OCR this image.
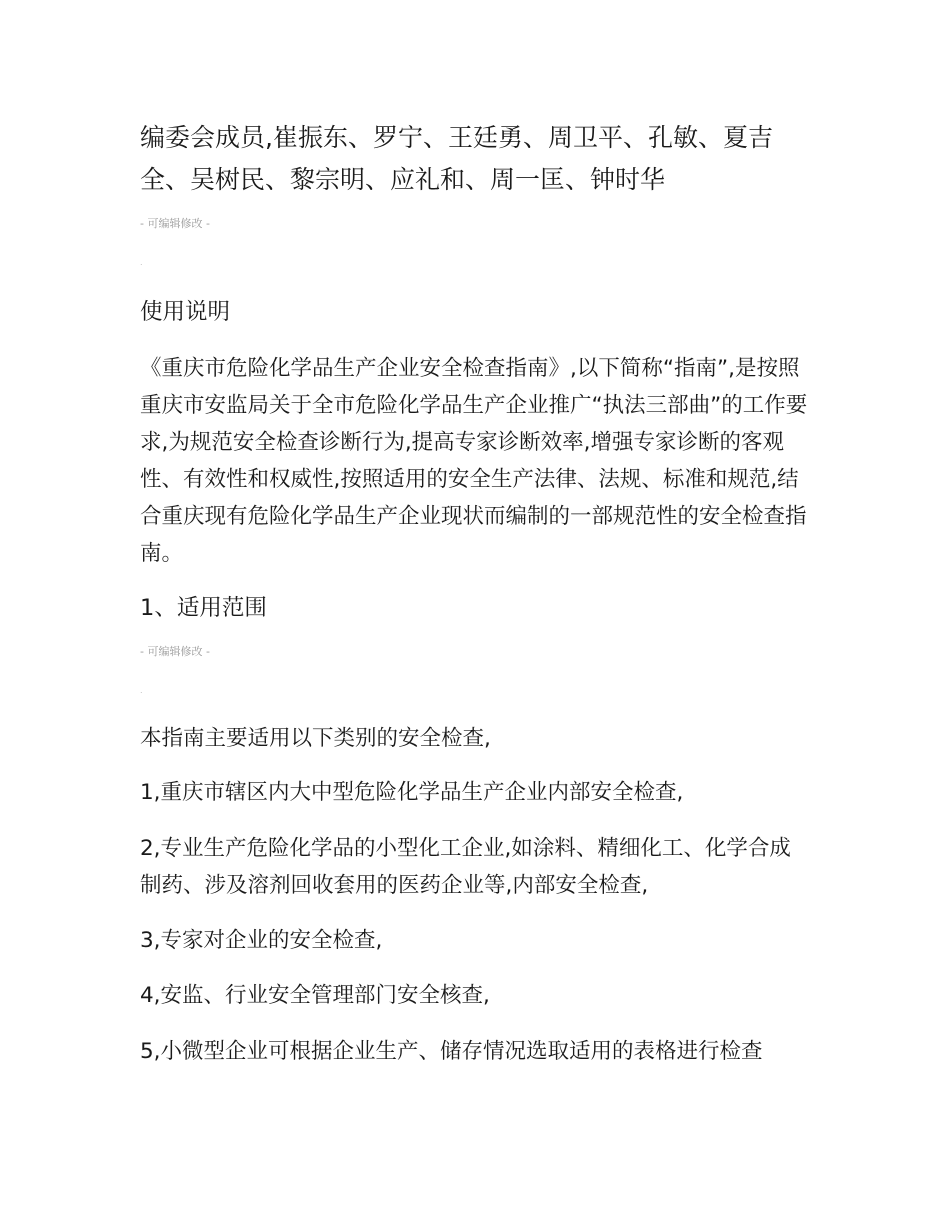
编委会成员,崔振东、罗宁、王廷勇、周卫平、孔敏、夏吉全、吴树民、黎宗明、应礼和、周一匡、钟时华

- 可编辑修改 -
.
使用说明

《重庆市危险化学品生产企业安全检查指南》,以下简称“指南”,是按照重庆市安监局关于全市危险化学品生产企业推广“执法三部曲”的工作要求,为规范安全检查诊断行为,提高专家诊断效率,增强专家诊断的客观性、有效性和权威性,按照适用的安全生产法律、法规、标准和规范,结合重庆现有危险化学品生产企业现状而编制的一部规范性的安全检查指南。

1、适用范围
- 可编辑修改 -
.

本指南主要适用以下类别的安全检查,

1,重庆市辖区内大中型危险化学品生产企业内部安全检查,

2,专业生产危险化学品的小型化工企业,如涂料、精细化工、化学合成制药、涉及溶剂回收套用的医药企业等,内部安全检查,

3,专家对企业的安全检查,

4,安监、行业安全管理部门安全核查,

5,小微型企业可根据企业生产、储存情况选取适用的表格进行检查
